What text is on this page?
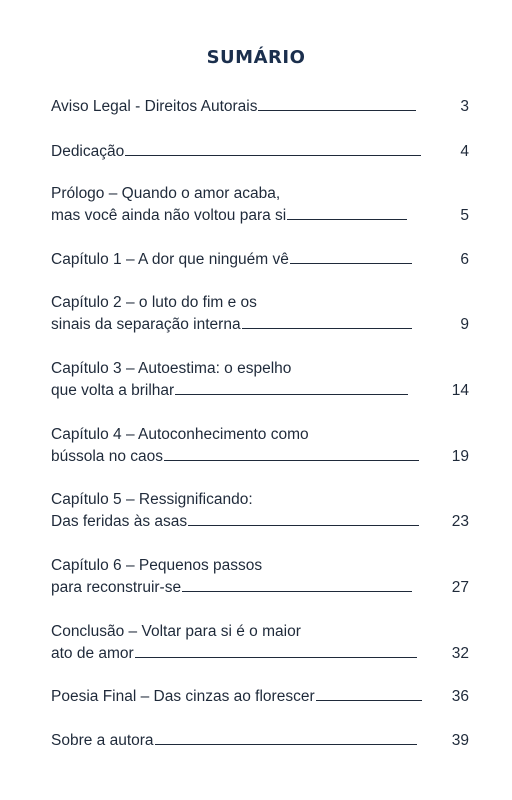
SUMÁRIO
Aviso Legal - Direitos Autorais	3
Dedicação	4
Prólogo – Quando o amor acaba,
mas você ainda não voltou para si	5
Capítulo 1 – A dor que ninguém vê	6
Capítulo 2 – o luto do fim e os
sinais da separação interna	9
Capítulo 3 – Autoestima: o espelho
que volta a brilhar	14
Capítulo 4 – Autoconhecimento como
bússola no caos	19
Capítulo 5 – Ressignificando:
Das feridas às asas	23
Capítulo 6 – Pequenos passos
para reconstruir-se	27
Conclusão – Voltar para si é o maior
ato de amor	32
Poesia Final – Das cinzas ao florescer	36
Sobre a autora	39
